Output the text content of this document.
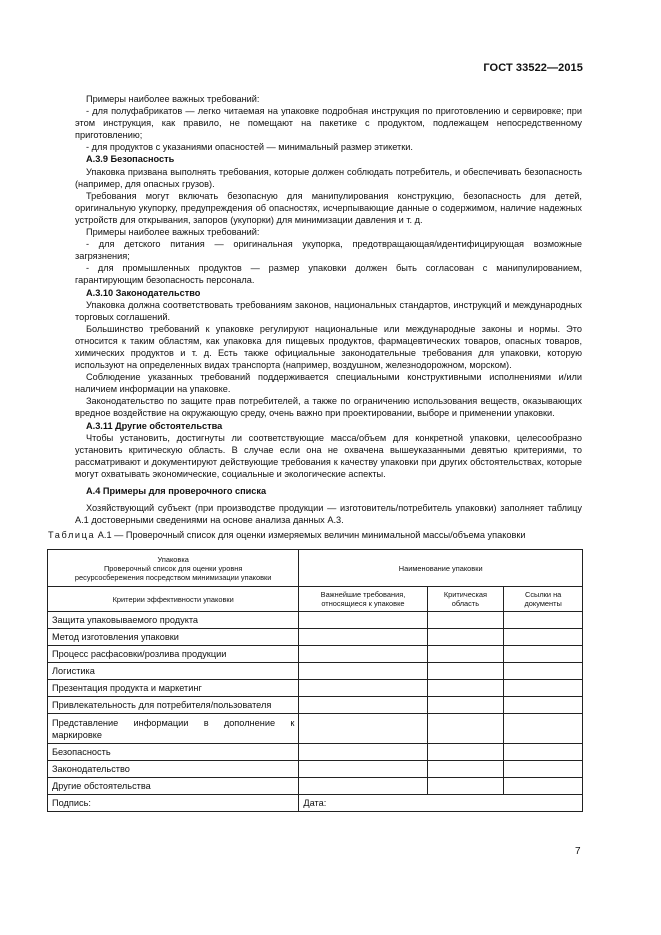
ГОСТ 33522—2015

Примеры наиболее важных требований:

- для полуфабрикатов — легко читаемая на упаковке подробная инструкция по приготовлению и сервировке; при этом инструкция, как правило, не помещают на пакетике с продуктом, подлежащем непосредственному приготовлению;

- для продуктов с указаниями опасностей — минимальный размер этикетки.

А.3.9 Безопасность

Упаковка призвана выполнять требования, которые должен соблюдать потребитель, и обеспечивать безопасность (например, для опасных грузов).

Требования могут включать безопасную для манипулирования конструкцию, безопасность для детей, оригинальную укупорку, предупреждения об опасностях, исчерпывающие данные о содержимом, наличие надежных устройств для открывания, запоров (укупорки) для минимизации давления и т. д.

Примеры наиболее важных требований:

- для детского питания — оригинальная укупорка, предотвращающая/идентифицирующая возможные загрязнения;

- для промышленных продуктов — размер упаковки должен быть согласован с манипулированием, гарантирующим безопасность персонала.

А.3.10 Законодательство

Упаковка должна соответствовать требованиям законов, национальных стандартов, инструкций и международных торговых соглашений.

Большинство требований к упаковке регулируют национальные или международные законы и нормы. Это относится к таким областям, как упаковка для пищевых продуктов, фармацевтических товаров, опасных товаров, химических продуктов и т. д. Есть также официальные законодательные требования для упаковки, которую используют на определенных видах транспорта (например, воздушном, железнодорожном, морском).

Соблюдение указанных требований поддерживается специальными конструктивными исполнениями и/или наличием информации на упаковке.

Законодательство по защите прав потребителей, а также по ограничению использования веществ, оказывающих вредное воздействие на окружающую среду, очень важно при проектировании, выборе и применении упаковки.

А.3.11 Другие обстоятельства

Чтобы установить, достигнуты ли соответствующие масса/объем для конкретной упаковки, целесообразно установить критическую область. В случае если она не охвачена вышеуказанными девятью критериями, то рассматривают и документируют действующие требования к качеству упаковки при других обстоятельствах, которые могут охватывать экономические, социальные и экологические аспекты.

А.4 Примеры для проверочного списка

Хозяйствующий субъект (при производстве продукции — изготовитель/потребитель упаковки) заполняет таблицу А.1 достоверными сведениями на основе анализа данных А.3.

Таблица А.1 — Проверочный список для оценки измеряемых величин минимальной массы/объема упаковки
Упаковка
Проверочный список для оценки уровня
ресурсосбережения посредством минимизации упаковки	Наименование упаковки		
Критерии эффективности упаковки	Важнейшие требования, относящиеся к упаковке	Критическая область	Ссылки на документы
Защита упаковываемого продукта			
Метод изготовления упаковки			
Процесс расфасовки/розлива продукции			
Логистика			
Презентация продукта и маркетинг			
Привлекательность для потребителя/пользователя			
Представление информации в дополнение к маркировке			
Безопасность			
Законодательство			
Другие обстоятельства			
Подпись:	Дата:		
7
